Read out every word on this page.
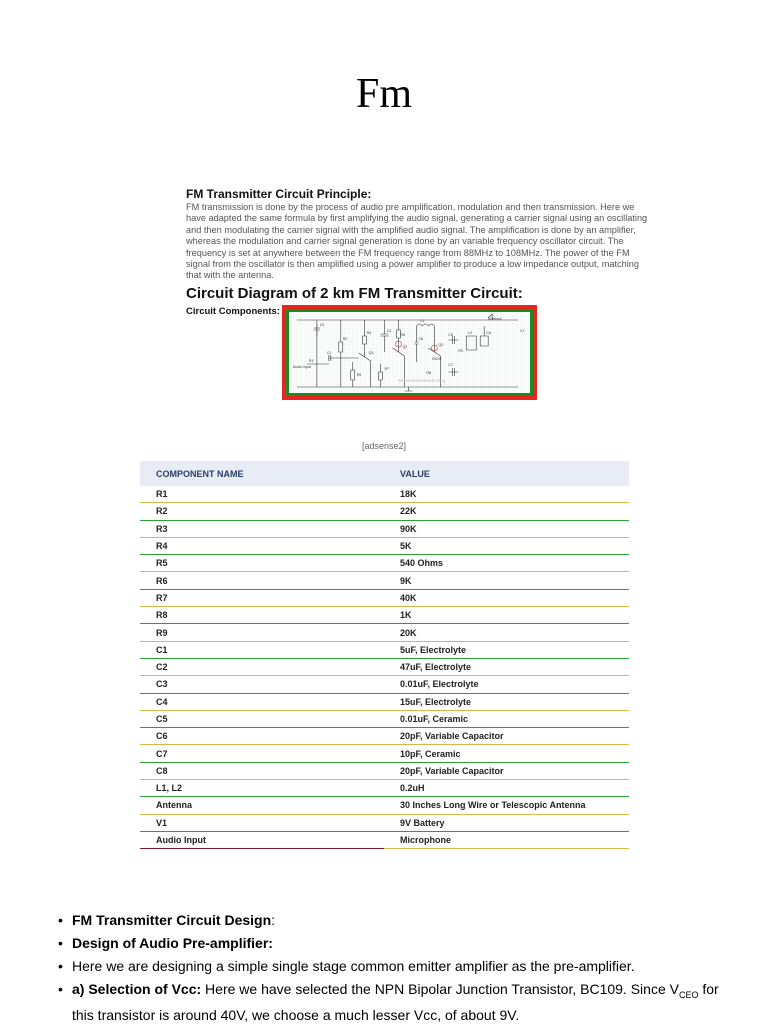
Fm

FM Transmitter Circuit Principle:

FM transmission is done by the process of audio pre amplification, modulation and then transmission. Here we have adapted the same formula by first amplifying the audio signal, generating a carrier signal using an oscillating and then modulating the carrier signal with the amplified audio signal. The amplification is done by an amplifier, whereas the modulation and carrier signal generation is done by an variable frequency oscillator circuit. The frequency is set at anywhere between the FM frequency range from 88MHz to 108MHz. The power of the FM signal from the oscillator is then amplified using a power amplifier to produce a low impedance output, matching that with the antenna.

Circuit Diagram of 2 km FM Transmitter Circuit:

Circuit Components:
Antenna
Audio Input
C2
R2
R4
C1
R1
Q1
C3
R6
Q2
L1
C6
Q3
BC09
C5	L2	C8	V1
C7
R5
R7
R8
R9
ElectronicsHub.Org
[adsense2]
COMPONENT NAME	VALUE
R1	18K
R2	22K
R3	90K
R4	5K
R5	540 Ohms
R6	9K
R7	40K
R8	1K
R9	20K
C1	5uF, Electrolyte
C2	47uF, Electrolyte
C3	0.01uF, Electrolyte
C4	15uF, Electrolyte
C5	0.01uF, Ceramic
C6	20pF, Variable Capacitor
C7	10pF, Ceramic
C8	20pF, Variable Capacitor
L1, L2	0.2uH
Antenna	30 Inches Long Wire or Telescopic Antenna
V1	9V Battery
Audio Input	Microphone
• FM Transmitter Circuit Design:
• Design of Audio Pre-amplifier:
• Here we are designing a simple single stage common emitter amplifier as the pre-amplifier.
• a) Selection of Vcc: Here we have selected the NPN Bipolar Junction Transistor, BC109. Since $V_{CEO}$ for this transistor is around 40V, we choose a much lesser Vcc, of about 9V.
